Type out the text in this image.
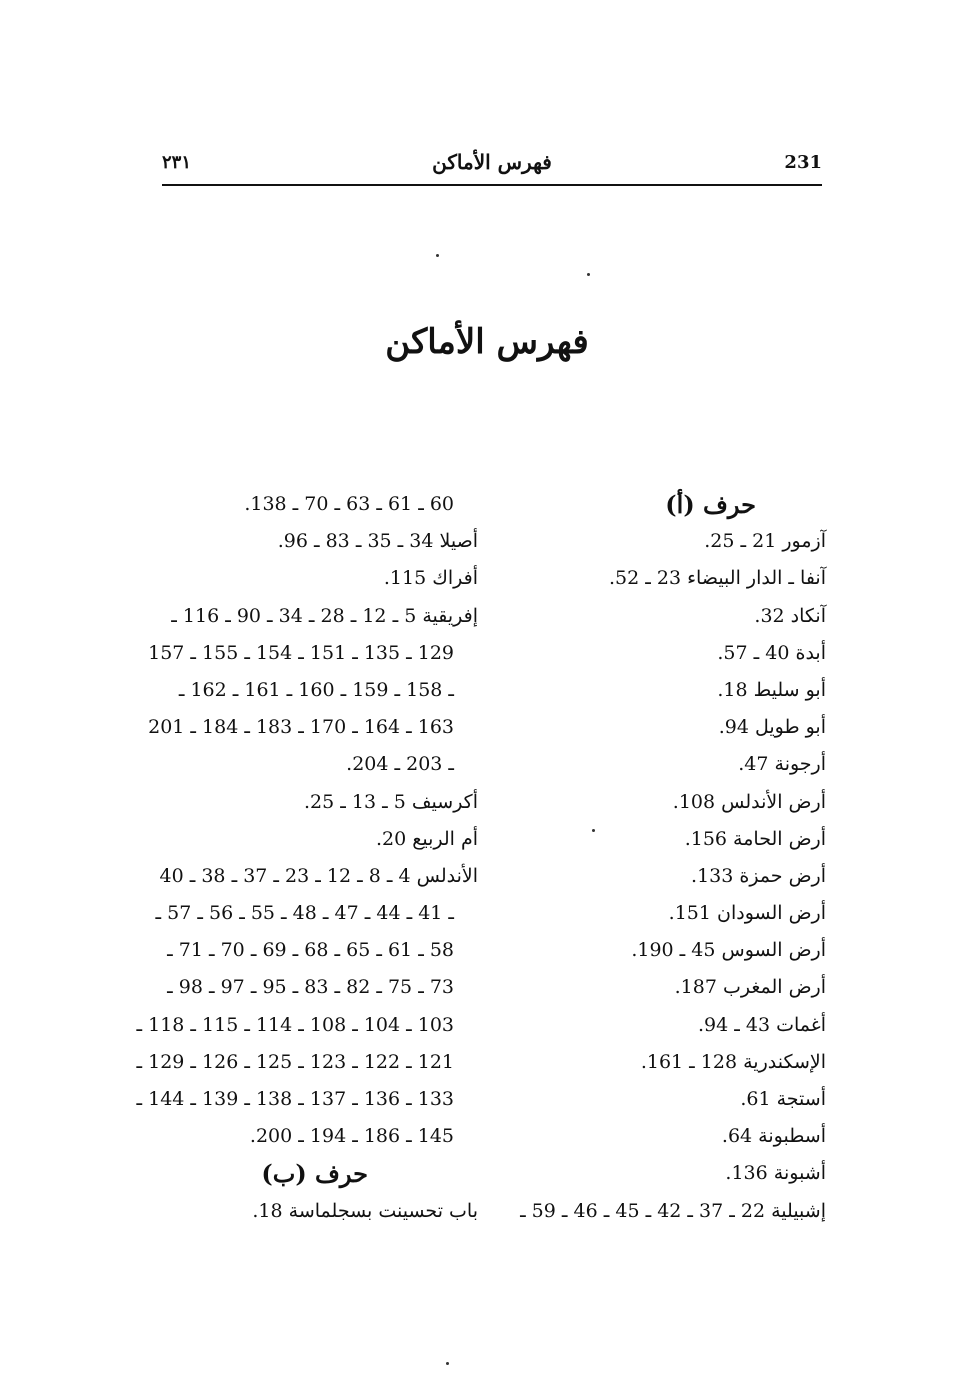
231
فهرس الأماكن
٢٣١
فهرس الأماكن
حرف (أ)
آزمور 21 ـ 25.
آنفا ـ الدار البيضاء 23 ـ 52.
آنكاد 32.
أبدة 40 ـ 57.
أبو سليط 18.
أبو طويل 94.
أرجونة 47.
أرض الأندلس 108.
أرض الحامة 156.
أرض حمزة 133.
أرض السودان 151.
أرض السوس 45 ـ 190.
أرض المغرب 187.
أغمات 43 ـ 94.
الإسكندرية 128 ـ 161.
أستجة 61.
أسطبونة 64.
أشبونة 136.
إشبيلية 22 ـ 37 ـ 42 ـ 45 ـ 46 ـ 59 ـ
60 ـ 61 ـ 63 ـ 70 ـ 138.
أصيلا 34 ـ 35 ـ 83 ـ 96.
أفراك 115.
إفريقية 5 ـ 12 ـ 28 ـ 34 ـ 90 ـ 116 ـ
129 ـ 135 ـ 151 ـ 154 ـ 155 ـ 157
ـ 158 ـ 159 ـ 160 ـ 161 ـ 162 ـ
163 ـ 164 ـ 170 ـ 183 ـ 184 ـ 201
ـ 203 ـ 204.
أكرسيف 5 ـ 13 ـ 25.
أم الربيع 20.
الأندلس 4 ـ 8 ـ 12 ـ 23 ـ 37 ـ 38 ـ 40
ـ 41 ـ 44 ـ 47 ـ 48 ـ 55 ـ 56 ـ 57 ـ
58 ـ 61 ـ 65 ـ 68 ـ 69 ـ 70 ـ 71 ـ
73 ـ 75 ـ 82 ـ 83 ـ 95 ـ 97 ـ 98 ـ
103 ـ 104 ـ 108 ـ 114 ـ 115 ـ 118 ـ
121 ـ 122 ـ 123 ـ 125 ـ 126 ـ 129 ـ
133 ـ 136 ـ 137 ـ 138 ـ 139 ـ 144 ـ
145 ـ 186 ـ 194 ـ 200.
حرف (ب)
باب تحسينت بسجلماسة 18.
